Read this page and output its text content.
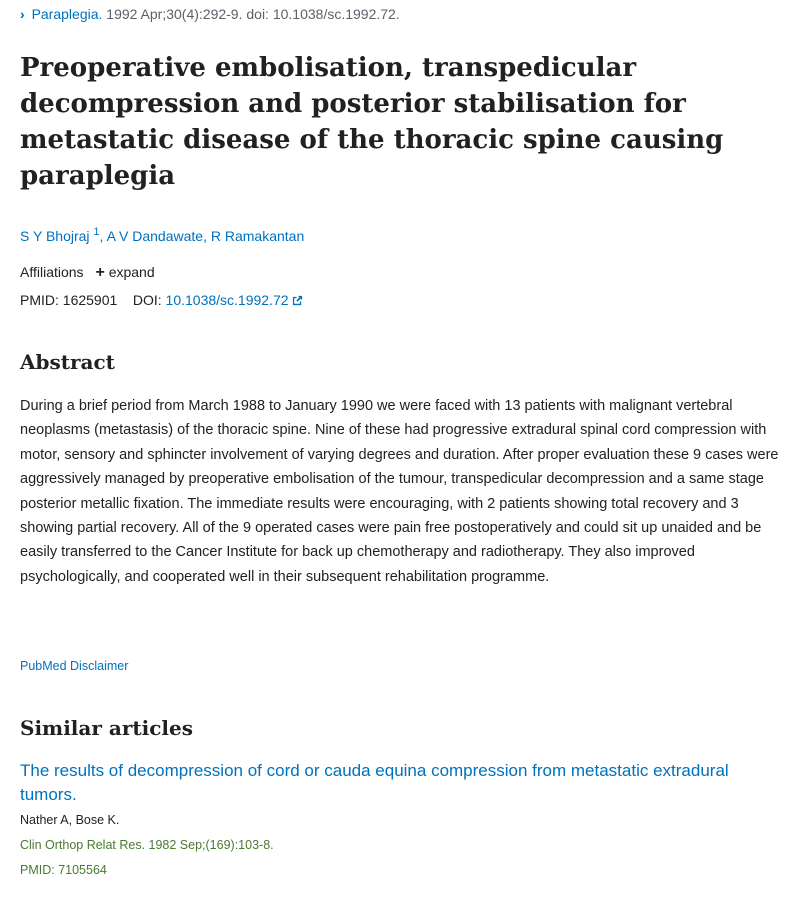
› Paraplegia. 1992 Apr;30(4):292-9. doi: 10.1038/sc.1992.72.
Preoperative embolisation, transpedicular decompression and posterior stabilisation for metastatic disease of the thoracic spine causing paraplegia
S Y Bhojraj $^1$, A V Dandawate, R Ramakantan
Affiliations + expand
PMID: 1625901 DOI: 10.1038/sc.1992.72
Abstract

During a brief period from March 1988 to January 1990 we were faced with 13 patients with malignant vertebral neoplasms (metastasis) of the thoracic spine. Nine of these had progressive extradural spinal cord compression with motor, sensory and sphincter involvement of varying degrees and duration. After proper evaluation these 9 cases were aggressively managed by preoperative embolisation of the tumour, transpedicular decompression and a same stage posterior metallic fixation. The immediate results were encouraging, with 2 patients showing total recovery and 3 showing partial recovery. All of the 9 operated cases were pain free postoperatively and could sit up unaided and be easily transferred to the Cancer Institute for back up chemotherapy and radiotherapy. They also improved psychologically, and cooperated well in their subsequent rehabilitation programme.

PubMed Disclaimer
Similar articles
The results of decompression of cord or cauda equina compression from metastatic extradural tumors.
Nather A, Bose K.
Clin Orthop Relat Res. 1982 Sep;(169):103-8.
PMID: 7105564
